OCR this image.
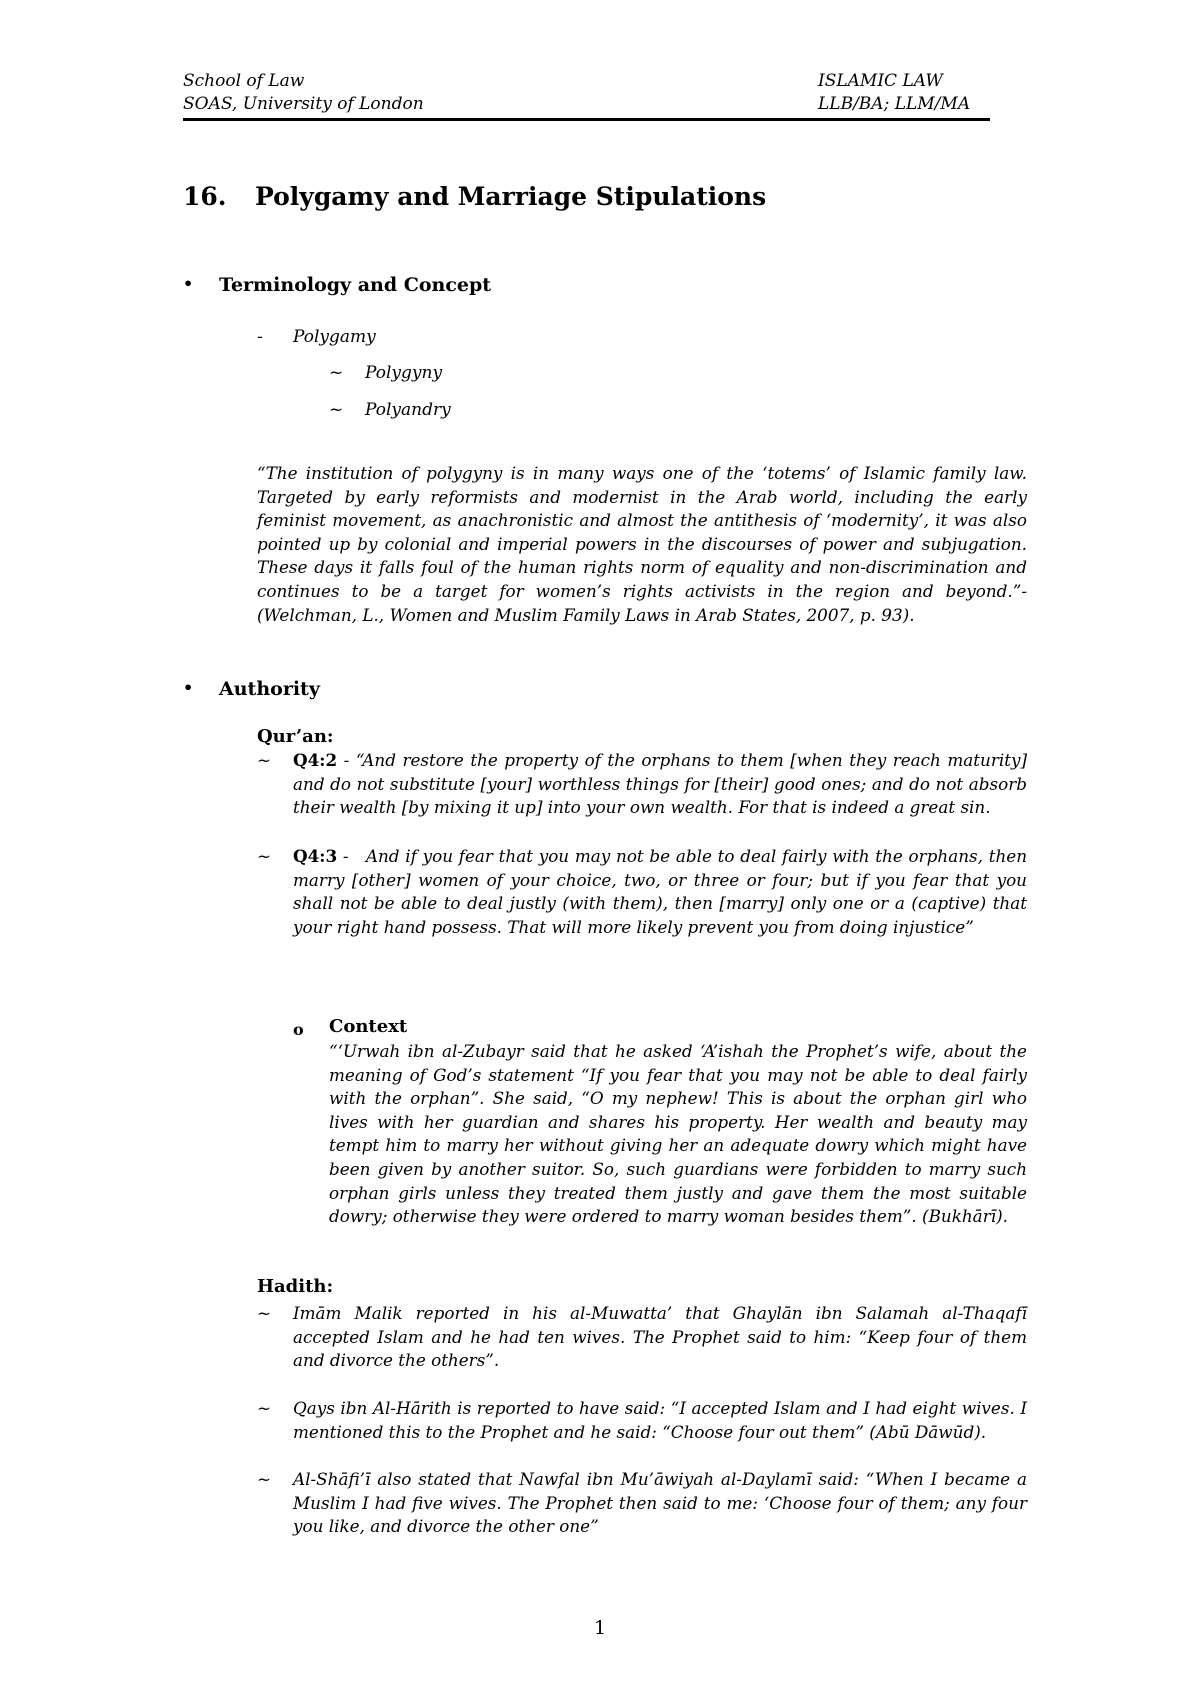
School of Law
SOAS, University of London
ISLAMIC LAW
LLB/BA; LLM/MA
16. Polygamy and Marriage Stipulations
• Terminology and Concept
- Polygamy
~ Polygyny
~ Polyandry

“The institution of polygyny is in many ways one of the ‘totems’ of Islamic family law. Targeted by early reformists and modernist in the Arab world, including the early feminist movement, as anachronistic and almost the antithesis of ‘modernity’, it was also pointed up by colonial and imperial powers in the discourses of power and subjugation. These days it falls foul of the human rights norm of equality and non-discrimination and continues to be a target for women’s rights activists in the region and beyond.”- (Welchman, L., Women and Muslim Family Laws in Arab States, 2007, p. 93).

• Authority
Qur’an:

~ Q4:2 - “And restore the property of the orphans to them [when they reach maturity] and do not substitute [your] worthless things for [their] good ones; and do not absorb their wealth [by mixing it up] into your own wealth. For that is indeed a great sin.

~ Q4:3 -   And if you fear that you may not be able to deal fairly with the orphans, then marry [other] women of your choice, two, or three or four; but if you fear that you shall not be able to deal justly (with them), then [marry] only one or a (captive) that your right hand possess. That will more likely prevent you from doing injustice”

o Context

“‘Urwah ibn al-Zubayr said that he asked ‘A’ishah the Prophet’s wife, about the meaning of God’s statement “If you fear that you may not be able to deal fairly with the orphan”. She said, “O my nephew! This is about the orphan girl who lives with her guardian and shares his property. Her wealth and beauty may tempt him to marry her without giving her an adequate dowry which might have been given by another suitor. So, such guardians were forbidden to marry such orphan girls unless they treated them justly and gave them the most suitable dowry; otherwise they were ordered to marry woman besides them”. (Bukhārī).

Hadith:

~ Imām Malik reported in his al-Muwatta’ that Ghaylān ibn Salamah al-Thaqafī accepted Islam and he had ten wives. The Prophet said to him: “Keep four of them and divorce the others”.

~ Qays ibn Al-Hārith is reported to have said: “I accepted Islam and I had eight wives. I mentioned this to the Prophet and he said: “Choose four out them” (Abū Dāwūd).

~ Al-Shāfi’ī also stated that Nawfal ibn Mu’āwiyah al-Daylamī said: “When I became a Muslim I had five wives. The Prophet then said to me: ‘Choose four of them; any four you like, and divorce the other one”

1
